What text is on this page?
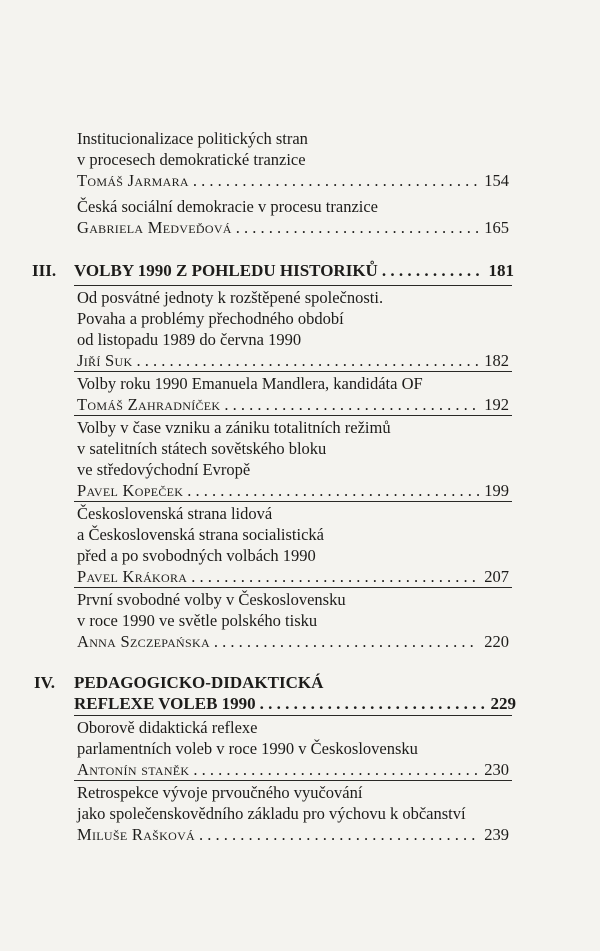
Institucionalizace politických stran
v procesech demokratické tranzice
Tomáš Jarmara . . .	154
Česká sociální demokracie v procesu tranzice
Gabriela Medveďová . . .	165
III.	VOLBY 1990 Z POHLEDU HISTORIKŮ . . .	181
Od posvátné jednoty k rozštěpené společnosti.
Povaha a problémy přechodného období
od listopadu 1989 do června 1990
Jiří Suk . . .	182
Volby roku 1990 Emanuela Mandlera, kandidáta OF
Tomáš Zahradníček . . .	192
Volby v čase vzniku a zániku totalitních režimů
v satelitních státech sovětského bloku
ve středovýchodní Evropě
Pavel Kopeček . . .	199
Československá strana lidová
a Československá strana socialistická
před a po svobodných volbách 1990
Pavel Krákora . . .	207
První svobodné volby v Československu
v roce 1990 ve světle polského tisku
Anna Szczepańska . . .	220
IV.	PEDAGOGICKO-DIDAKTICKÁ
REFLEXE VOLEB 1990 . . .	229
Oborově didaktická reflexe
parlamentních voleb v roce 1990 v Československu
Antonín staněk . . .	230
Retrospekce vývoje prvoučného vyučování
jako společenskovědního základu pro výchovu k občanství
Miluše Rašková . . .	239
